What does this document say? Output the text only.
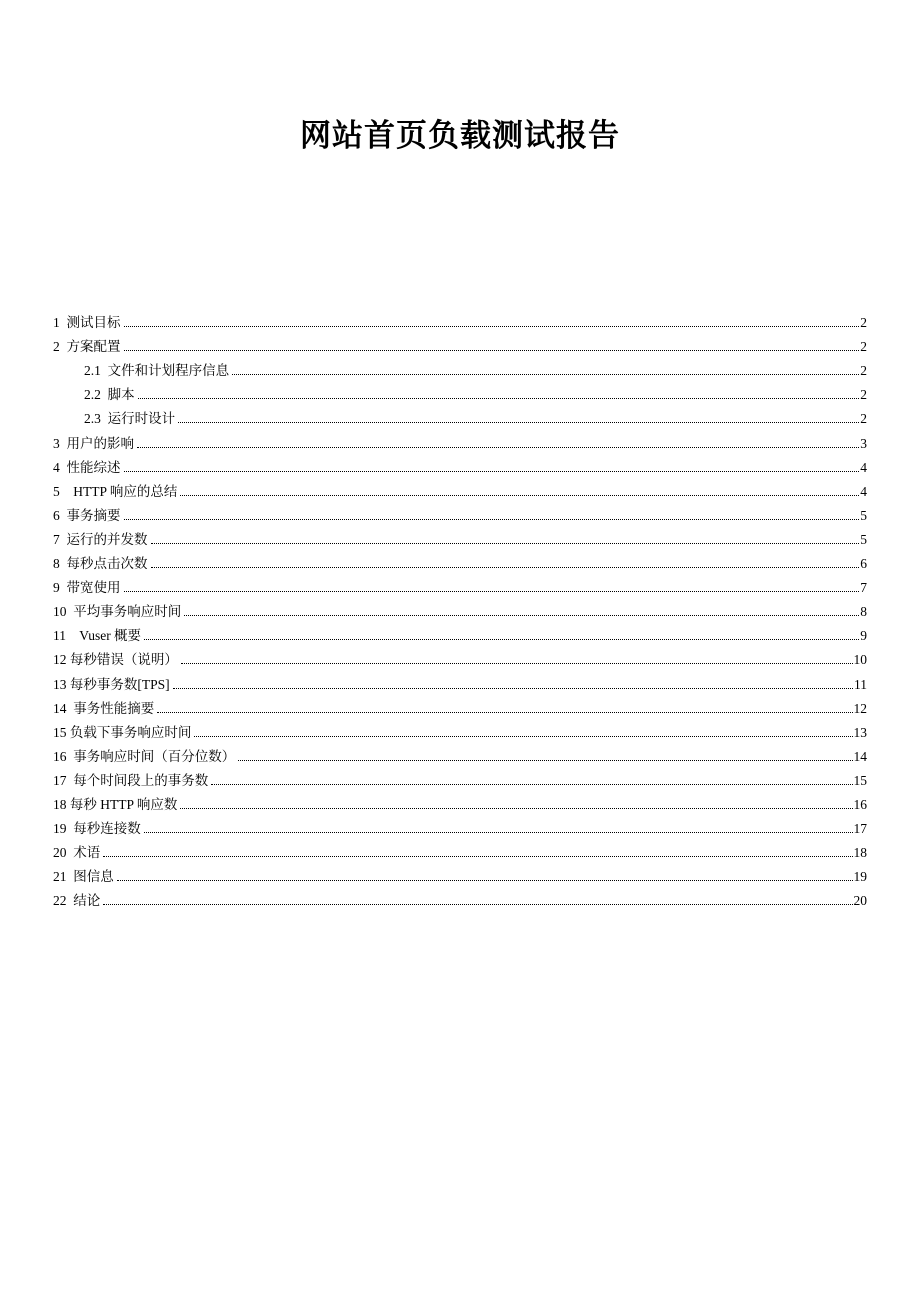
网站首页负载测试报告
1  测试目标	2
2  方案配置	2
2.1  文件和计划程序信息	2
2.2  脚本	2
2.3  运行时设计	2
3  用户的影响	3
4  性能综述	4
5    HTTP 响应的总结	4
6  事务摘要	5
7  运行的并发数	5
8  每秒点击次数	6
9  带宽使用	7
10  平均事务响应时间	8
11    Vuser 概要	9
12 每秒错误（说明）	10
13 每秒事务数[TPS]	11
14  事务性能摘要	12
15 负载下事务响应时间	13
16  事务响应时间（百分位数）	14
17  每个时间段上的事务数	15
18 每秒 HTTP 响应数	16
19  每秒连接数	17
20  术语	18
21  图信息	19
22  结论	20
